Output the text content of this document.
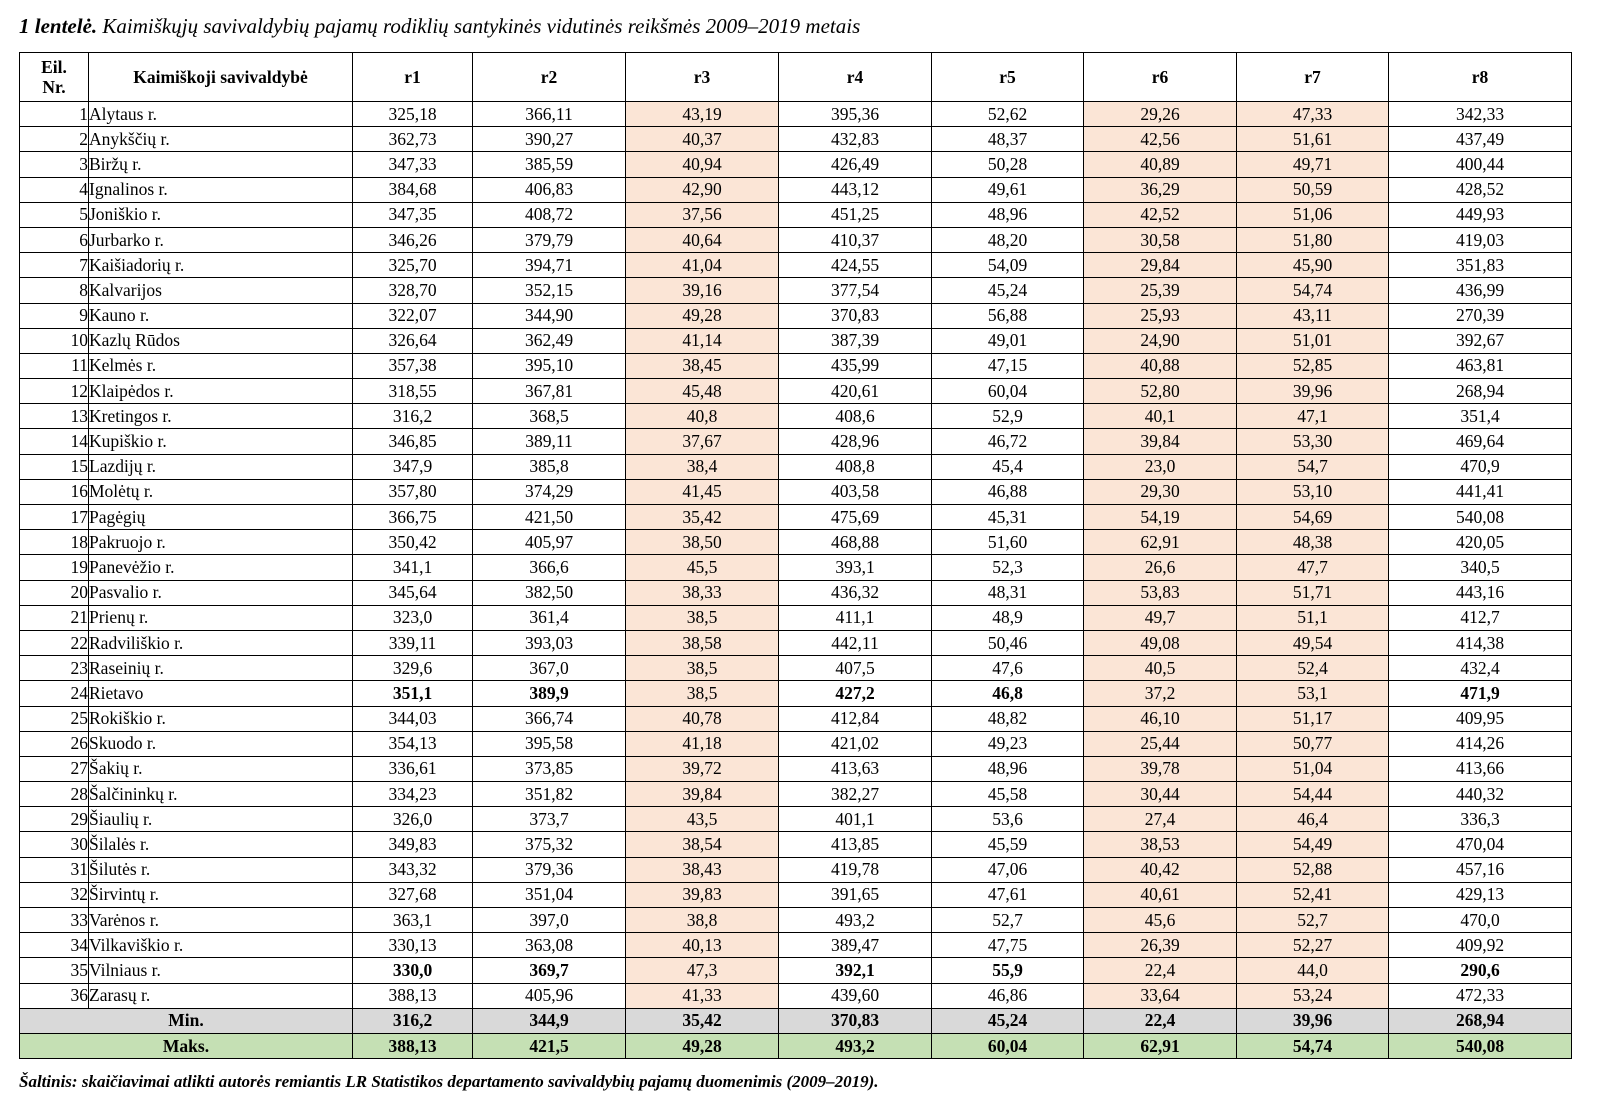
1 lentelė. Kaimiškųjų savivaldybių pajamų rodiklių santykinės vidutinės reikšmės 2009–2019 metais
Eil.
Nr.	Kaimiškoji savivaldybė	r1	r2	r3	r4	r5	r6	r7	r8
1	Alytaus r.	325,18	366,11	43,19	395,36	52,62	29,26	47,33	342,33
2	Anykščių r.	362,73	390,27	40,37	432,83	48,37	42,56	51,61	437,49
3	Biržų r.	347,33	385,59	40,94	426,49	50,28	40,89	49,71	400,44
4	Ignalinos r.	384,68	406,83	42,90	443,12	49,61	36,29	50,59	428,52
5	Joniškio r.	347,35	408,72	37,56	451,25	48,96	42,52	51,06	449,93
6	Jurbarko r.	346,26	379,79	40,64	410,37	48,20	30,58	51,80	419,03
7	Kaišiadorių r.	325,70	394,71	41,04	424,55	54,09	29,84	45,90	351,83
8	Kalvarijos	328,70	352,15	39,16	377,54	45,24	25,39	54,74	436,99
9	Kauno r.	322,07	344,90	49,28	370,83	56,88	25,93	43,11	270,39
10	Kazlų Rūdos	326,64	362,49	41,14	387,39	49,01	24,90	51,01	392,67
11	Kelmės r.	357,38	395,10	38,45	435,99	47,15	40,88	52,85	463,81
12	Klaipėdos r.	318,55	367,81	45,48	420,61	60,04	52,80	39,96	268,94
13	Kretingos r.	316,2	368,5	40,8	408,6	52,9	40,1	47,1	351,4
14	Kupiškio r.	346,85	389,11	37,67	428,96	46,72	39,84	53,30	469,64
15	Lazdijų r.	347,9	385,8	38,4	408,8	45,4	23,0	54,7	470,9
16	Molėtų r.	357,80	374,29	41,45	403,58	46,88	29,30	53,10	441,41
17	Pagėgių	366,75	421,50	35,42	475,69	45,31	54,19	54,69	540,08
18	Pakruojo r.	350,42	405,97	38,50	468,88	51,60	62,91	48,38	420,05
19	Panevėžio r.	341,1	366,6	45,5	393,1	52,3	26,6	47,7	340,5
20	Pasvalio r.	345,64	382,50	38,33	436,32	48,31	53,83	51,71	443,16
21	Prienų r.	323,0	361,4	38,5	411,1	48,9	49,7	51,1	412,7
22	Radviliškio r.	339,11	393,03	38,58	442,11	50,46	49,08	49,54	414,38
23	Raseinių r.	329,6	367,0	38,5	407,5	47,6	40,5	52,4	432,4
24	Rietavo	351,1	389,9	38,5	427,2	46,8	37,2	53,1	471,9
25	Rokiškio r.	344,03	366,74	40,78	412,84	48,82	46,10	51,17	409,95
26	Skuodo r.	354,13	395,58	41,18	421,02	49,23	25,44	50,77	414,26
27	Šakių r.	336,61	373,85	39,72	413,63	48,96	39,78	51,04	413,66
28	Šalčininkų r.	334,23	351,82	39,84	382,27	45,58	30,44	54,44	440,32
29	Šiaulių r.	326,0	373,7	43,5	401,1	53,6	27,4	46,4	336,3
30	Šilalės r.	349,83	375,32	38,54	413,85	45,59	38,53	54,49	470,04
31	Šilutės r.	343,32	379,36	38,43	419,78	47,06	40,42	52,88	457,16
32	Širvintų r.	327,68	351,04	39,83	391,65	47,61	40,61	52,41	429,13
33	Varėnos r.	363,1	397,0	38,8	493,2	52,7	45,6	52,7	470,0
34	Vilkaviškio r.	330,13	363,08	40,13	389,47	47,75	26,39	52,27	409,92
35	Vilniaus r.	330,0	369,7	47,3	392,1	55,9	22,4	44,0	290,6
36	Zarasų r.	388,13	405,96	41,33	439,60	46,86	33,64	53,24	472,33
Min.		316,2	344,9	35,42	370,83	45,24	22,4	39,96	268,94
Maks.		388,13	421,5	49,28	493,2	60,04	62,91	54,74	540,08
Šaltinis: skaičiavimai atlikti autorės remiantis LR Statistikos departamento savivaldybių pajamų duomenimis (2009–2019).
